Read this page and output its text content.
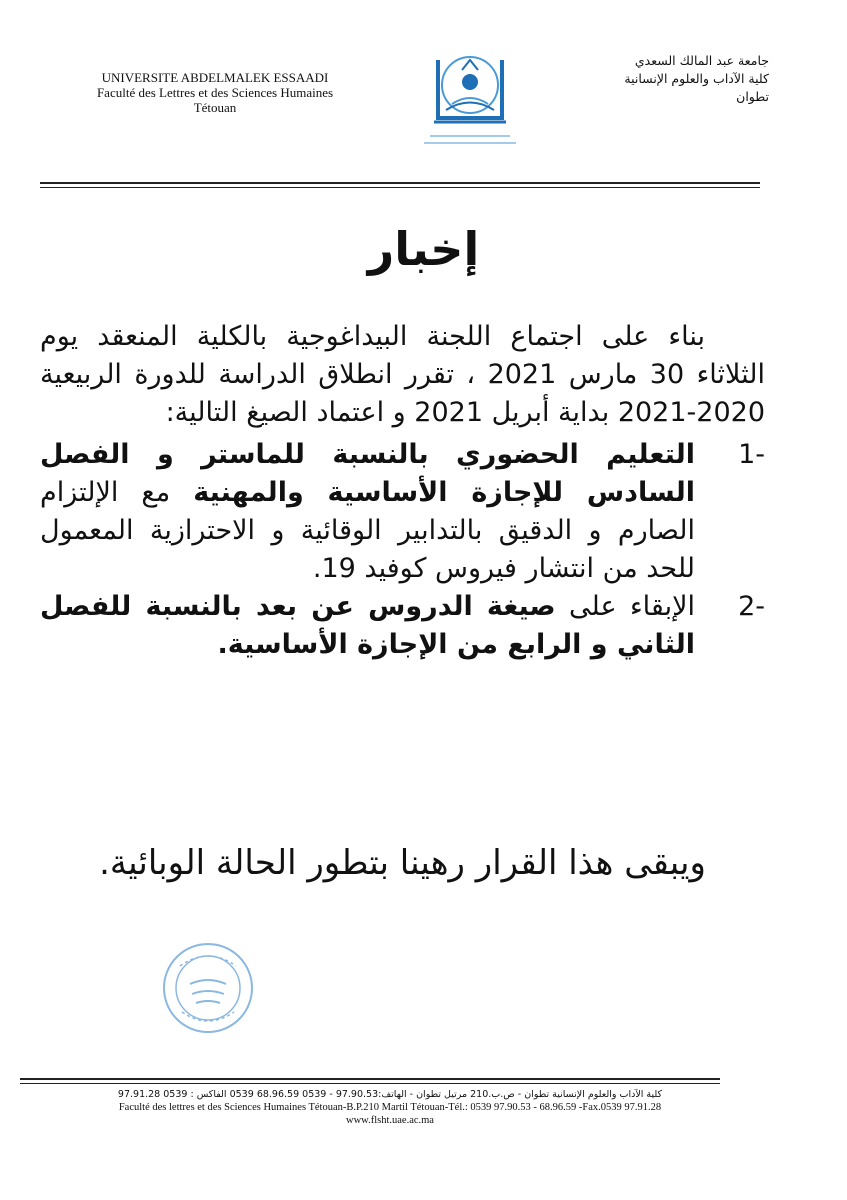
UNIVERSITE ABDELMALEK ESSAADI
Faculté des Lettres et des Sciences Humaines
Tétouan
جامعة عبد المالك السعدي
كلية الآداب والعلوم الإنسانية
تطوان
إخبار

بناء على اجتماع اللجنة البيداغوجية بالكلية المنعقد يوم الثلاثاء 30 مارس 2021 ، تقرر انطلاق الدراسة للدورة الربيعية 2020-2021 بداية أبريل 2021 و اعتماد الصيغ التالية:

1-
التعليم الحضوري بالنسبة للماستر و الفصل السادس للإجازة الأساسية والمهنية مع الإلتزام الصارم و الدقيق بالتدابير الوقائية و الاحترازية المعمول للحد من انتشار فيروس كوفيد 19.
2-
الإبقاء على صيغة الدروس عن بعد بالنسبة للفصل الثاني و الرابع من الإجازة الأساسية.
ويبقى هذا القرار رهينا بتطور الحالة الوبائية.
كلية الآداب والعلوم الإنسانية تطوان - ص.ب.210 مرتيل تطوان - الهاتف:97.90.53 - 0539 68.96.59 0539 الفاكس : 0539 97.91.28
Faculté des lettres et des Sciences Humaines Tétouan-B.P.210 Martil Tétouan-Tél.: 0539 97.90.53 - 68.96.59 -Fax.0539 97.91.28
www.flsht.uae.ac.ma
